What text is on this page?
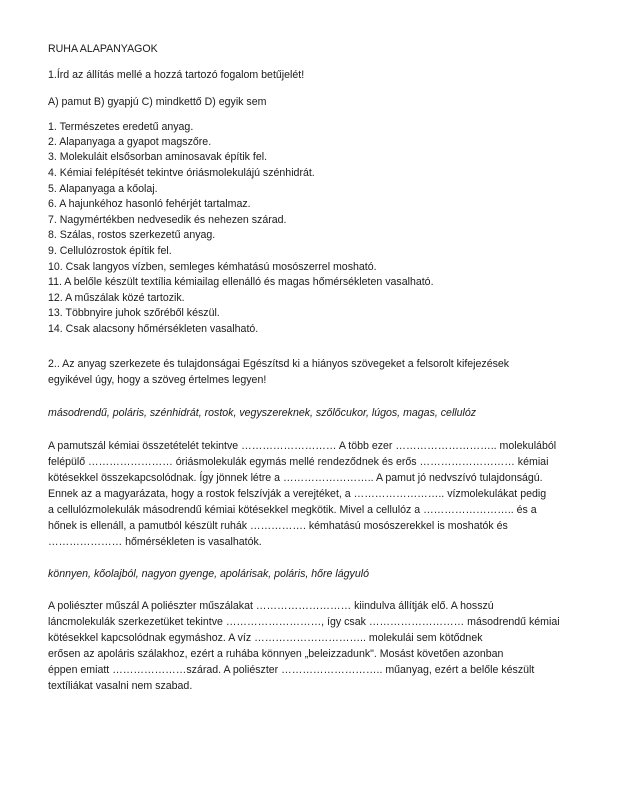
RUHA ALAPANYAGOK
1.Írd az állítás mellé a hozzá tartozó fogalom betűjelét!
A) pamut B) gyapjú C) mindkettő D) egyik sem
1. Természetes eredetű anyag.
2. Alapanyaga a gyapot magszőre.
3. Molekuláit elsősorban aminosavak építik fel.
4. Kémiai felépítését tekintve óriásmolekulájú szénhidrát.
5. Alapanyaga a kőolaj.
6. A hajunkéhoz hasonló fehérjét tartalmaz.
7. Nagymértékben nedvesedik és nehezen szárad.
8. Szálas, rostos szerkezetű anyag.
9. Cellulózrostok építik fel.
10. Csak langyos vízben, semleges kémhatású mosószerrel mosható.
11. A belőle készült textília kémiailag ellenálló és magas hőmérsékleten vasalható.
12. A műszálak közé tartozik.
13. Többnyire juhok szőréből készül.
14. Csak alacsony hőmérsékleten vasalható.
2.. Az anyag szerkezete és tulajdonságai Egészítsd ki a hiányos szövegeket a felsorolt kifejezések
egyikével úgy, hogy a szöveg értelmes legyen!
másodrendű, poláris, szénhidrát, rostok, vegyszereknek, szőlőcukor, lúgos, magas, cellulóz
A pamutszál kémiai összetételét tekintve ……………………… A több ezer ……………………….. molekulából
felépülő …………………… óriásmolekulák egymás mellé rendeződnek és erős ……………………… kémiai
kötésekkel összekapcsolódnak. Így jönnek létre a …………………….. A pamut jó nedvszívó tulajdonságú.
Ennek az a magyarázata, hogy a rostok felszívják a verejtéket, a …………………….. vízmolekulákat pedig
a cellulózmolekulák másodrendű kémiai kötésekkel megkötik. Mivel a cellulóz a …………………….. és a
hőnek is ellenáll, a pamutból készült ruhák ……………. kémhatású mosószerekkel is moshatók és
………………… hőmérsékleten is vasalhatók.
könnyen, kőolajból, nagyon gyenge, apolárisak, poláris, hőre lágyuló
A poliészter műszál A poliészter műszálakat ……………………… kiindulva állítják elő. A hosszú
láncmolekulák szerkezetüket tekintve ………………………, így csak ……………………… másodrendű kémiai
kötésekkel kapcsolódnak egymáshoz. A víz ………………………….. molekulái sem kötődnek
erősen az apoláris szálakhoz, ezért a ruhába könnyen „beleizzadunk". Mosást követően azonban
éppen emiatt …………………szárad. A poliészter ……………………….. műanyag, ezért a belőle készült
textíliákat vasalni nem szabad.
